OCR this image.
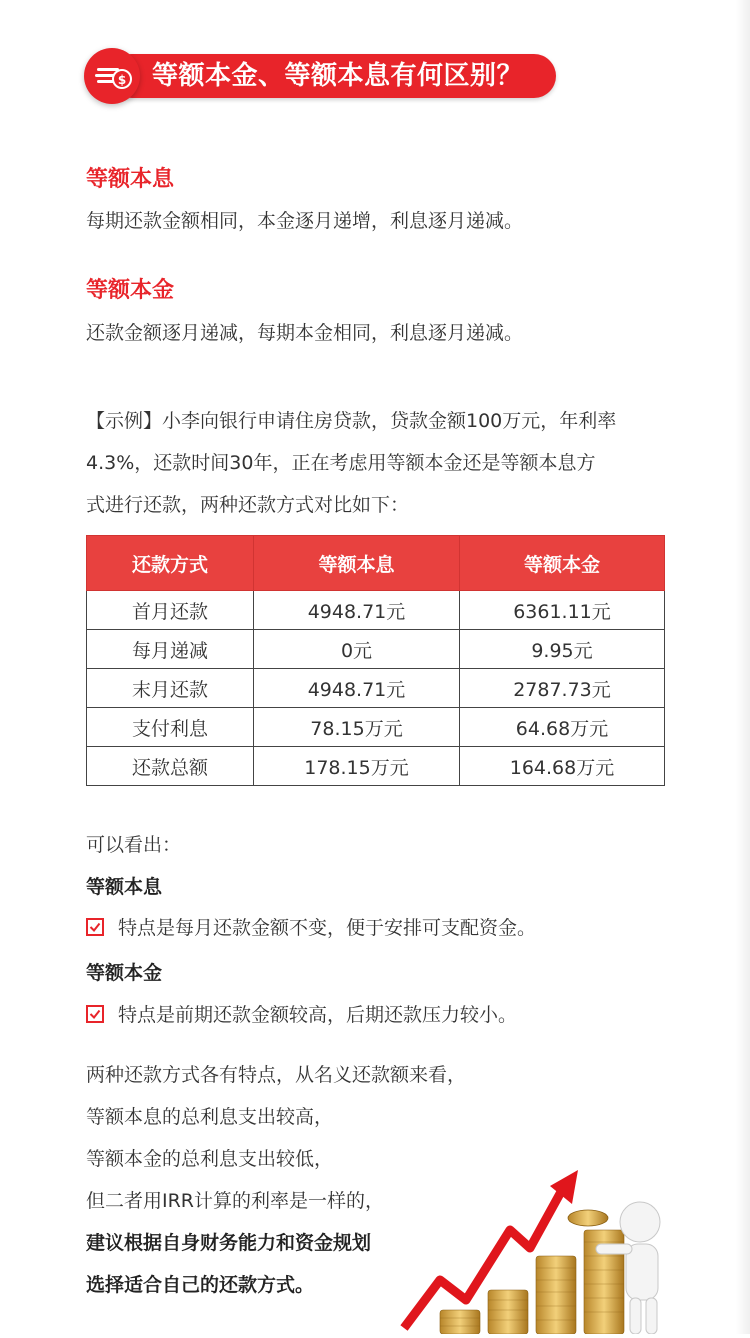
$ 等额本金、等额本息有何区别？
等额本息
每期还款金额相同，本金逐月递增，利息逐月递减。
等额本金
还款金额逐月递减，每期本金相同，利息逐月递减。
【示例】小李向银行申请住房贷款，贷款金额100万元，年利率
4.3%，还款时间30年，正在考虑用等额本金还是等额本息方
式进行还款，两种还款方式对比如下：
还款方式	等额本息	等额本金
首月还款	4948.71元	6361.11元
每月递减	0元	9.95元
末月还款	4948.71元	2787.73元
支付利息	78.15万元	64.68万元
还款总额	178.15万元	164.68万元
可以看出：
等额本息
特点是每月还款金额不变，便于安排可支配资金。
等额本金
特点是前期还款金额较高，后期还款压力较小。
两种还款方式各有特点，从名义还款额来看，
等额本息的总利息支出较高，
等额本金的总利息支出较低，
但二者用IRR计算的利率是一样的，
建议根据自身财务能力和资金规划
选择适合自己的还款方式。
